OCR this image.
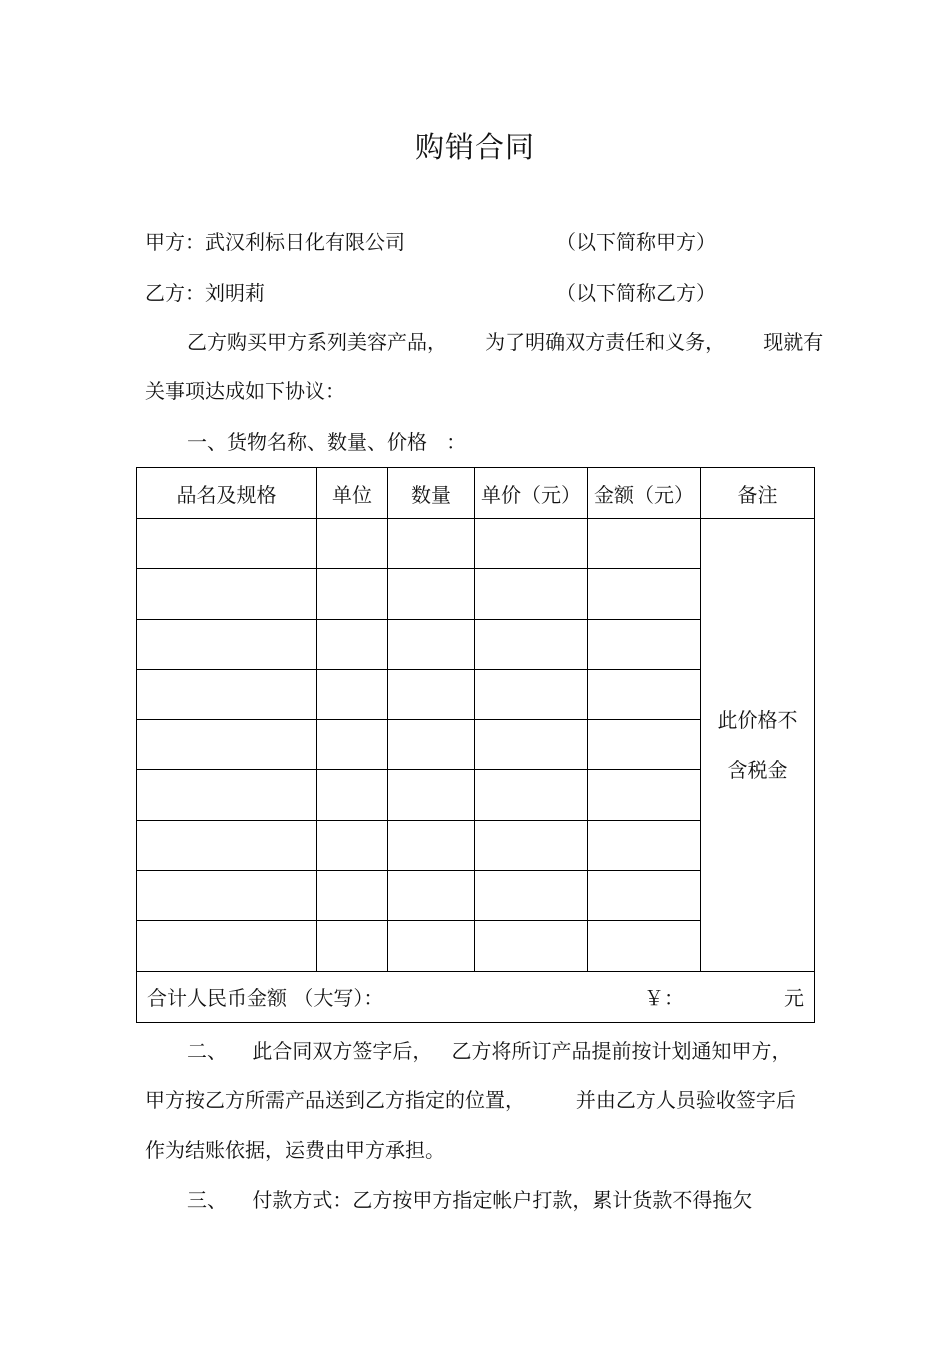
购销合同
甲方：武汉利标日化有限公司	（以下简称甲方）
乙方：刘明莉	（以下简称乙方）
乙方购买甲方系列美容产品，      为了明确双方责任和义务，      现就有
关事项达成如下协议：
一、货物名称、数量、价格   ：
品名及规格	单位	数量	单价（元）	金额（元）	备注

					此价格不
含税金

合计人民币金额 （大写）： ￥： 元					
二、    此合同双方签字后，   乙方将所订产品提前按计划通知甲方，
甲方按乙方所需产品送到乙方指定的位置，        并由乙方人员验收签字后
作为结账依据，运费由甲方承担。
三、    付款方式：乙方按甲方指定帐户打款，累计货款不得拖欠
